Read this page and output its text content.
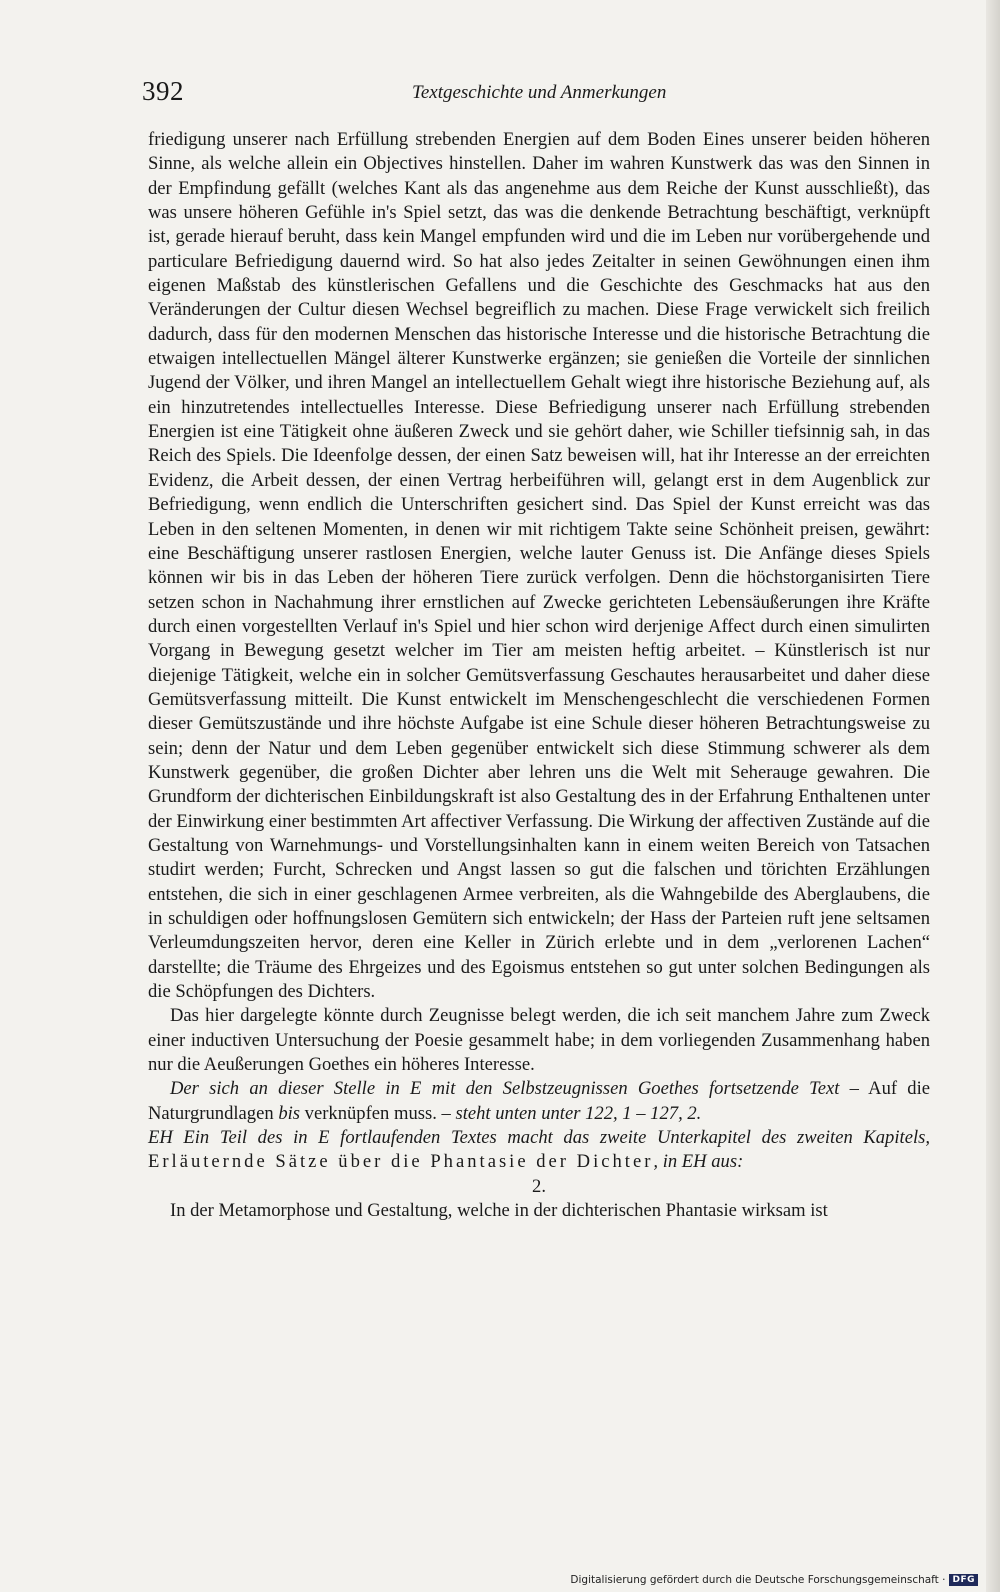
392	Textgeschichte und Anmerkungen

friedigung unserer nach Erfüllung strebenden Energien auf dem Boden Eines unserer beiden höheren Sinne, als welche allein ein Objectives hinstellen. Daher im wahren Kunstwerk das was den Sinnen in der Empfindung gefällt (welches Kant als das angenehme aus dem Reiche der Kunst ausschließt), das was unsere höheren Gefühle in's Spiel setzt, das was die denkende Betrachtung beschäftigt, verknüpft ist, gerade hierauf beruht, dass kein Mangel empfunden wird und die im Leben nur vorübergehende und particulare Befriedigung dauernd wird. So hat also jedes Zeitalter in seinen Gewöhnungen einen ihm eigenen Maßstab des künstlerischen Gefallens und die Geschichte des Geschmacks hat aus den Veränderungen der Cultur diesen Wechsel begreiflich zu machen. Diese Frage verwickelt sich freilich dadurch, dass für den modernen Menschen das historische Interesse und die historische Betrachtung die etwaigen intellectuellen Mängel älterer Kunstwerke ergänzen; sie genießen die Vorteile der sinnlichen Jugend der Völker, und ihren Mangel an intellectuellem Gehalt wiegt ihre historische Beziehung auf, als ein hinzutretendes intellectuelles Interesse. Diese Befriedigung unserer nach Erfüllung strebenden Energien ist eine Tätigkeit ohne äußeren Zweck und sie gehört daher, wie Schiller tiefsinnig sah, in das Reich des Spiels. Die Ideenfolge dessen, der einen Satz beweisen will, hat ihr Interesse an der erreichten Evidenz, die Arbeit dessen, der einen Vertrag herbeiführen will, gelangt erst in dem Augenblick zur Befriedigung, wenn endlich die Unterschriften gesichert sind. Das Spiel der Kunst erreicht was das Leben in den seltenen Momenten, in denen wir mit richtigem Takte seine Schönheit preisen, gewährt: eine Beschäftigung unserer rastlosen Energien, welche lauter Genuss ist. Die Anfänge dieses Spiels können wir bis in das Leben der höheren Tiere zurück verfolgen. Denn die höchstorganisirten Tiere setzen schon in Nachahmung ihrer ernstlichen auf Zwecke gerichteten Lebensäußerungen ihre Kräfte durch einen vorgestellten Verlauf in's Spiel und hier schon wird derjenige Affect durch einen simulirten Vorgang in Bewegung gesetzt welcher im Tier am meisten heftig arbeitet. – Künstlerisch ist nur diejenige Tätigkeit, welche ein in solcher Gemütsverfassung Geschautes herausarbeitet und daher diese Gemütsverfassung mitteilt. Die Kunst entwickelt im Menschengeschlecht die verschiedenen Formen dieser Gemütszustände und ihre höchste Aufgabe ist eine Schule dieser höheren Betrachtungsweise zu sein; denn der Natur und dem Leben gegenüber entwickelt sich diese Stimmung schwerer als dem Kunstwerk gegenüber, die großen Dichter aber lehren uns die Welt mit Seheraugе gewahren. Die Grundform der dichterischen Einbildungskraft ist also Gestaltung des in der Erfahrung Enthaltenen unter der Einwirkung einer bestimmten Art affectiver Verfassung. Die Wirkung der affectiven Zustände auf die Gestaltung von Warnehmungs- und Vorstellungsinhalten kann in einem weiten Bereich von Tatsachen studirt werden; Furcht, Schrecken und Angst lassen so gut die falschen und törichten Erzählungen entstehen, die sich in einer geschlagenen Armee verbreiten, als die Wahngebilde des Aberglaubens, die in schuldigen oder hoffnungslosen Gemütern sich entwickeln; der Hass der Parteien ruft jene seltsamen Verleumdungszeiten hervor, deren eine Keller in Zürich erlebte und in dem „verlorenen Lachen“ darstellte; die Träume des Ehrgeizes und des Egoismus entstehen so gut unter solchen Bedingungen als die Schöpfungen des Dichters.

Das hier dargelegte könnte durch Zeugnisse belegt werden, die ich seit manchem Jahre zum Zweck einer inductiven Untersuchung der Poesie gesammelt habe; in dem vorliegenden Zusammenhang haben nur die Aeußerungen Goethes ein höheres Interesse.

Der sich an dieser Stelle in E mit den Selbstzeugnissen Goethes fortsetzende Text – Auf die Naturgrundlagen bis verknüpfen muss. – steht unten unter 122, 1 – 127, 2.

EH Ein Teil des in E fortlaufenden Textes macht das zweite Unterkapitel des zweiten Kapitels, Erläuternde Sätze über die Phantasie der Dichter, in EH aus:

2.

In der Metamorphose und Gestaltung, welche in der dichterischen Phantasie wirksam ist

Digitalisierung gefördert durch die Deutsche Forschungsgemeinschaft · DFG
